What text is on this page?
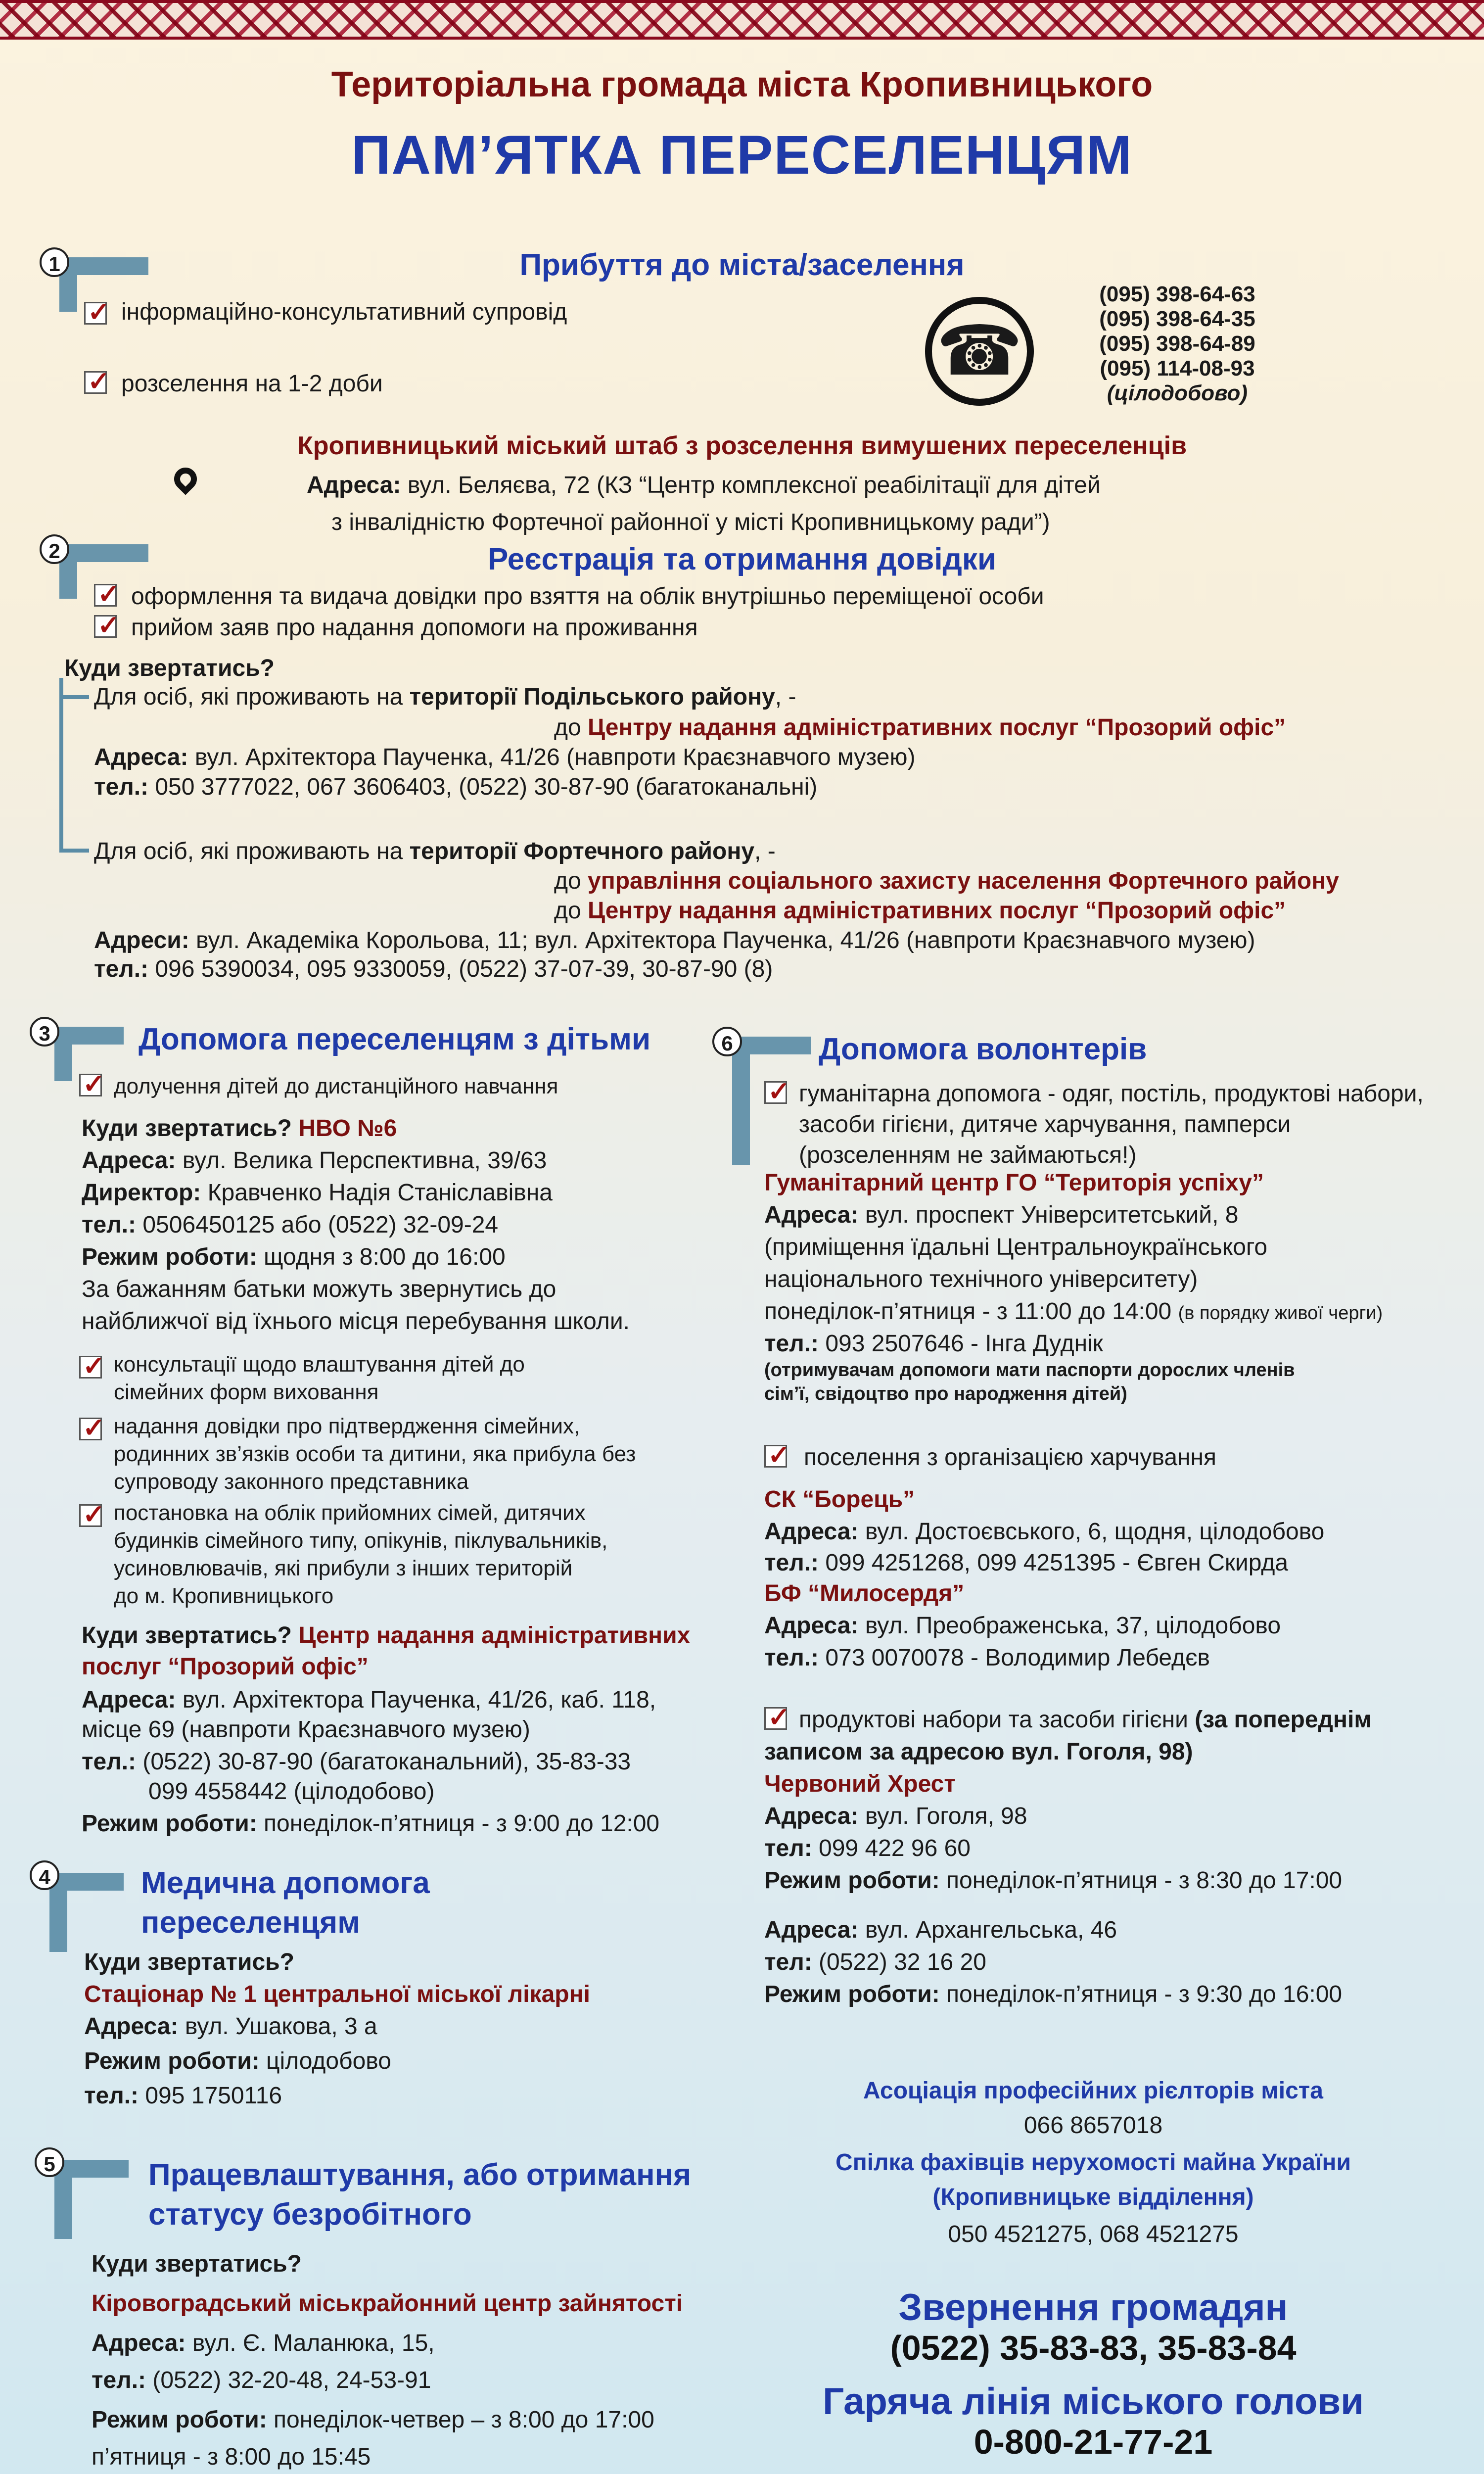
Територіальна громада міста Кропивницького
ПАМ’ЯТКА ПЕРЕСЕЛЕНЦЯМ
1	Прибуття до міста/заселення
✓
інформаційно-консультативний супровід
✓
розселення на 1-2 доби	☎
(095) 398-64-63
(095) 398-64-35
(095) 398-64-89
(095) 114-08-93
(цілодобово)
Кропивницький міський штаб з розселення вимушених переселенців
Адреса: вул. Беляєва, 72 (КЗ “Центр комплексної реабілітації для дітей
з інвалідністю Фортечної районної у місті Кропивницькому ради”)
2	Реєстрація та отримання довідки
✓
оформлення та видача довідки про взяття на облік внутрішньо переміщеної особи
✓
прийом заяв про надання допомоги на проживання
Куди звертатись?
Для осіб, які проживають на території Подільського району, -
до Центру надання адміністративних послуг “Прозорий офіс”
Адреса: вул. Архітектора Паученка, 41/26 (навпроти Краєзнавчого музею)
тел.: 050 3777022, 067 3606403, (0522) 30-87-90 (багатоканальні)
Для осіб, які проживають на території Фортечного району, -
до управління соціального захисту населення Фортечного району
до Центру надання адміністративних послуг “Прозорий офіс”
Адреси: вул. Академіка Корольова, 11; вул. Архітектора Паученка, 41/26 (навпроти Краєзнавчого музею)
тел.: 096 5390034, 095 9330059, (0522) 37-07-39, 30-87-90 (8)
3	Допомога переселенцям з дітьми
✓
долучення дітей до дистанційного навчання
Куди звертатись? НВО №6
Адреса: вул. Велика Перспективна, 39/63
Директор: Кравченко Надія Станіславівна
тел.: 0506450125 або (0522) 32-09-24
Режим роботи: щодня з 8:00 до 16:00
За бажанням батьки можуть звернутись до
найближчої від їхнього місця перебування школи.
✓
консультації щодо влаштування дітей до
сімейних форм виховання
✓
надання довідки про підтвердження сімейних,
родинних зв’язків особи та дитини, яка прибула без
супроводу законного представника
✓
постановка на облік прийомних сімей, дитячих
будинків сімейного типу, опікунів, піклувальників,
усиновлювачів, які прибули з інших територій
до м. Кропивницького
Куди звертатись? Центр надання адміністративних
послуг “Прозорий офіс”
Адреса: вул. Архітектора Паученка, 41/26, каб. 118,
місце 69 (навпроти Краєзнавчого музею)
тел.: (0522) 30-87-90 (багатоканальний), 35-83-33
099 4558442 (цілодобово)
Режим роботи: понеділок-п’ятниця - з 9:00 до 12:00
4	Медична допомога
переселенцям
Куди звертатись?
Стаціонар № 1 центральної міської лікарні
Адреса: вул. Ушакова, 3 а
Режим роботи: цілодобово
тел.: 095 1750116
5	Працевлаштування, або отримання
статусу безробітного
Куди звертатись?
Кіровоградський міськрайонний центр зайнятості
Адреса: вул. Є. Маланюка, 15,
тел.: (0522) 32-20-48, 24-53-91
Режим роботи: понеділок-четвер – з 8:00 до 17:00
п’ятниця - з 8:00 до 15:45
6	Допомога волонтерів
✓
гуманітарна допомога - одяг, постіль, продуктові набори,
засоби гігієни, дитяче харчування, памперси
(розселенням не займаються!)
Гуманітарний центр ГО “Територія успіху”
Адреса: вул. проспект Університетський, 8
(приміщення їдальні Центральноукраїнського
національного технічного університету)
понеділок-п’ятниця - з 11:00 до 14:00 (в порядку живої черги)
тел.: 093 2507646 - Інга Дуднік
(отримувачам допомоги мати паспорти дорослих членів
сім’ї, свідоцтво про народження дітей)
✓
поселення з організацією харчування
СК “Борець”
Адреса: вул. Достоєвського, 6, щодня, цілодобово
тел.: 099 4251268, 099 4251395 - Євген Скирда
БФ “Милосердя”
Адреса: вул. Преображенська, 37, цілодобово
тел.: 073 0070078 - Володимир Лебедєв
✓
продуктові набори та засоби гігієни (за попереднім
записом за адресою вул. Гоголя, 98)
Червоний Хрест
Адреса: вул. Гоголя, 98
тел: 099 422 96 60
Режим роботи: понеділок-п’ятниця - з 8:30 до 17:00
Адреса: вул. Архангельська, 46
тел: (0522) 32 16 20
Режим роботи: понеділок-п’ятниця - з 9:30 до 16:00
Асоціація професійних рієлторів міста
066 8657018
Спілка фахівців нерухомості майна України
(Кропивницьке відділення)
050 4521275, 068 4521275
Звернення громадян
(0522) 35-83-83, 35-83-84
Гаряча лінія міського голови
0-800-21-77-21
